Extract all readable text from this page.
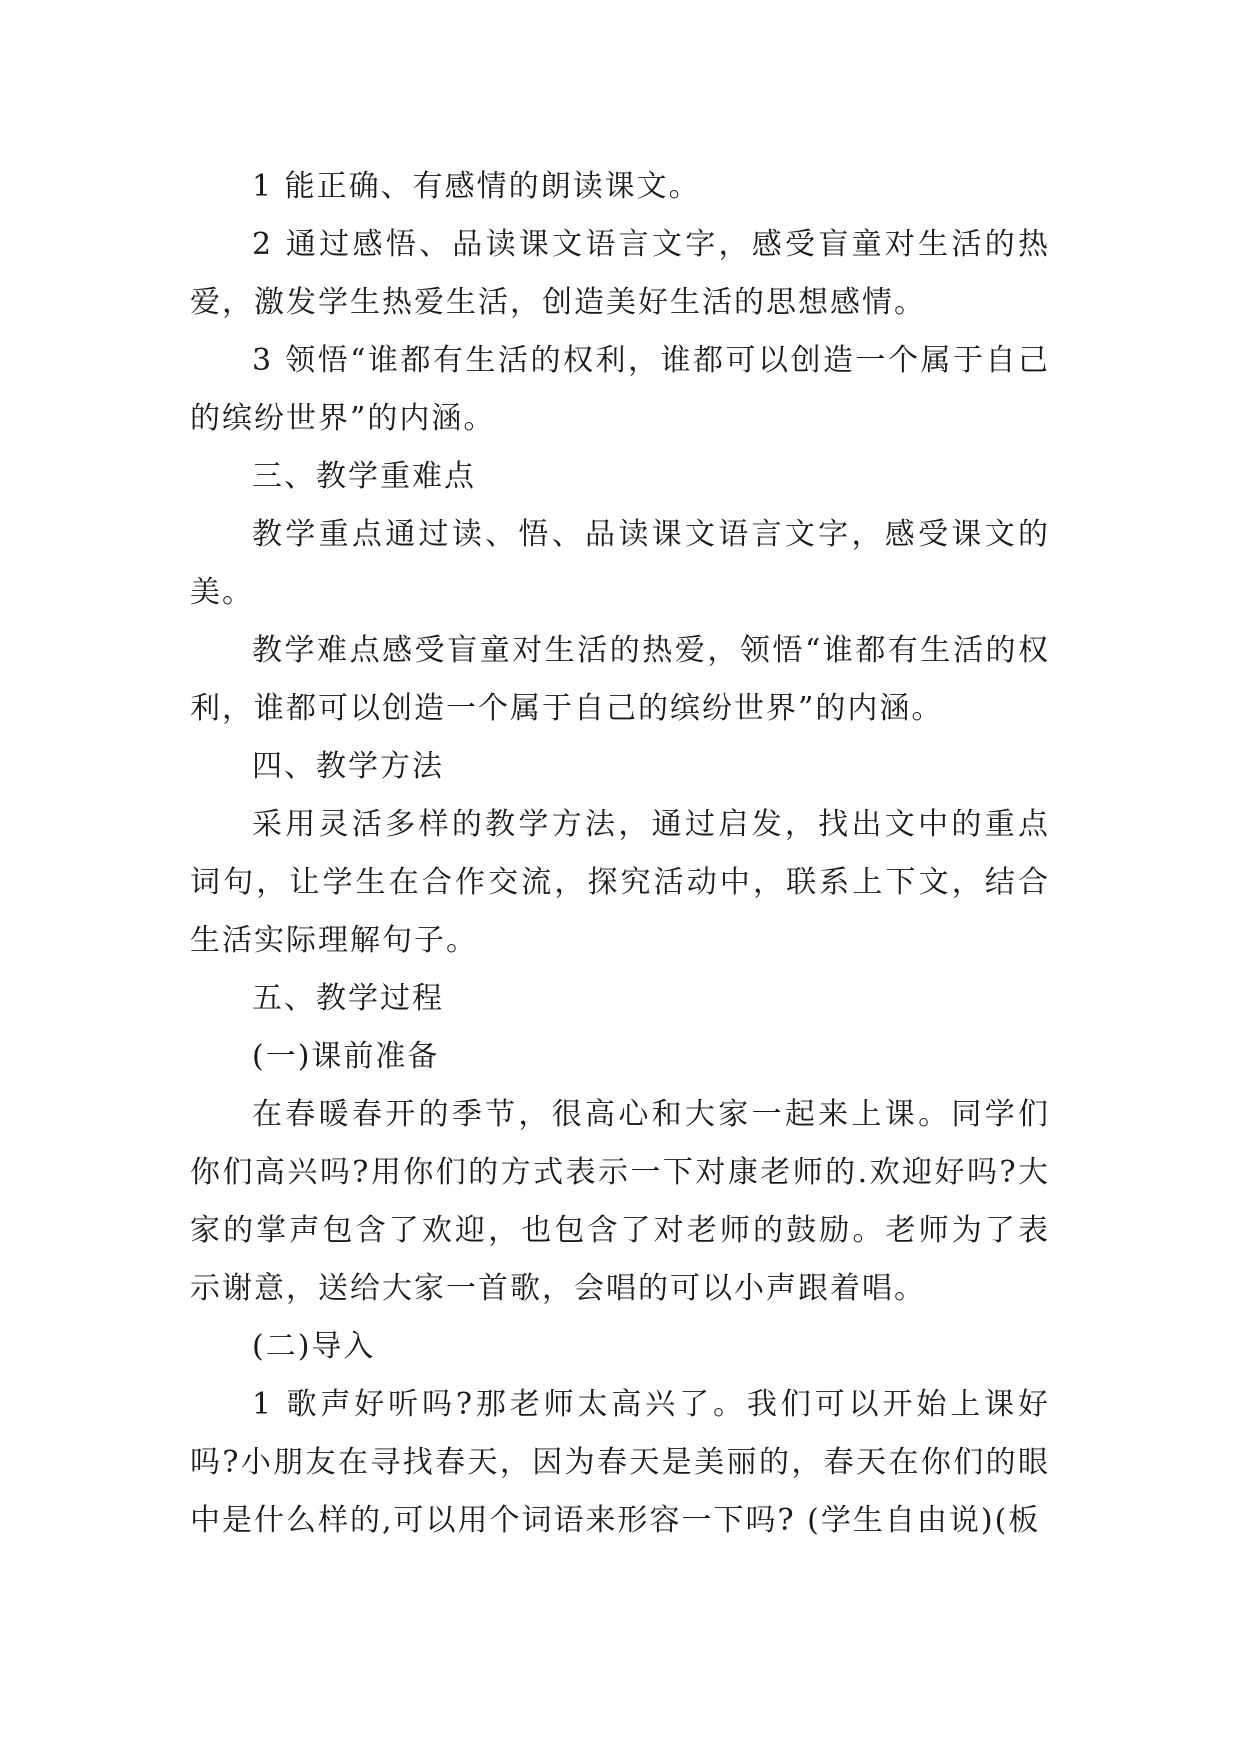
1 能正确、有感情的朗读课文。

2 通过感悟、品读课文语言文字，感受盲童对生活的热爱，激发学生热爱生活，创造美好生活的思想感情。

3 领悟“谁都有生活的权利，谁都可以创造一个属于自己的缤纷世界”的内涵。

三、教学重难点

教学重点通过读、悟、品读课文语言文字，感受课文的美。

教学难点感受盲童对生活的热爱，领悟“谁都有生活的权利，谁都可以创造一个属于自己的缤纷世界”的内涵。

四、教学方法

采用灵活多样的教学方法，通过启发，找出文中的重点词句，让学生在合作交流，探究活动中，联系上下文，结合生活实际理解句子。

五、教学过程

(一)课前准备

在春暖春开的季节，很高心和大家一起来上课。同学们你们高兴吗?用你们的方式表示一下对康老师的.欢迎好吗?大家的掌声包含了欢迎，也包含了对老师的鼓励。老师为了表示谢意，送给大家一首歌，会唱的可以小声跟着唱。

(二)导入

1 歌声好听吗?那老师太高兴了。我们可以开始上课好吗?小朋友在寻找春天，因为春天是美丽的，春天在你们的眼中是什么样的,可以用个词语来形容一下吗? (学生自由说)(板
